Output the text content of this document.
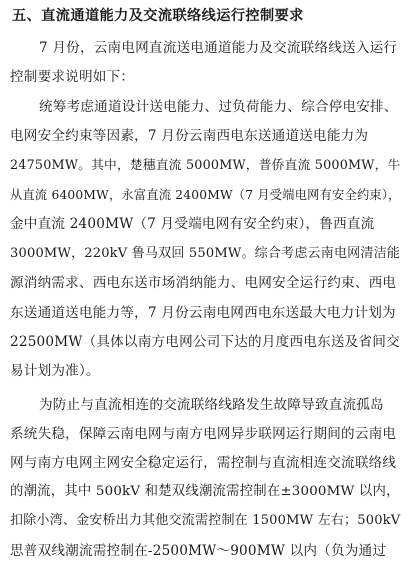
五、直流通道能力及交流联络线运行控制要求
7 月份，云南电网直流送电通道能力及交流联络线送入运行
控制要求说明如下：
统筹考虑通道设计送电能力、过负荷能力、综合停电安排、
电网安全约束等因素，7 月份云南西电东送通道送电能力为
24750MW。其中，楚穗直流 5000MW，普侨直流 5000MW，牛
从直流 6400MW，永富直流 2400MW（7 月受端电网有安全约束），
金中直流 2400MW（7 月受端电网有安全约束），鲁西直流
3000MW，220kV 鲁马双回 550MW。综合考虑云南电网清洁能
源消纳需求、西电东送市场消纳能力、电网安全运行约束、西电
东送通道送电能力等，7 月份云南电网西电东送最大电力计划为
22500MW（具体以南方电网公司下达的月度西电东送及省间交
易计划为准）。
为防止与直流相连的交流联络线路发生故障导致直流孤岛
系统失稳，保障云南电网与南方电网异步联网运行期间的云南电
网与南方电网主网安全稳定运行，需控制与直流相连交流联络线
的潮流，其中 500kV 和楚双线潮流需控制在±3000MW 以内，
扣除小湾、金安桥出力其他交流需控制在 1500MW 左右；500kV
思普双线潮流需控制在-2500MW～900MW 以内（负为通过
